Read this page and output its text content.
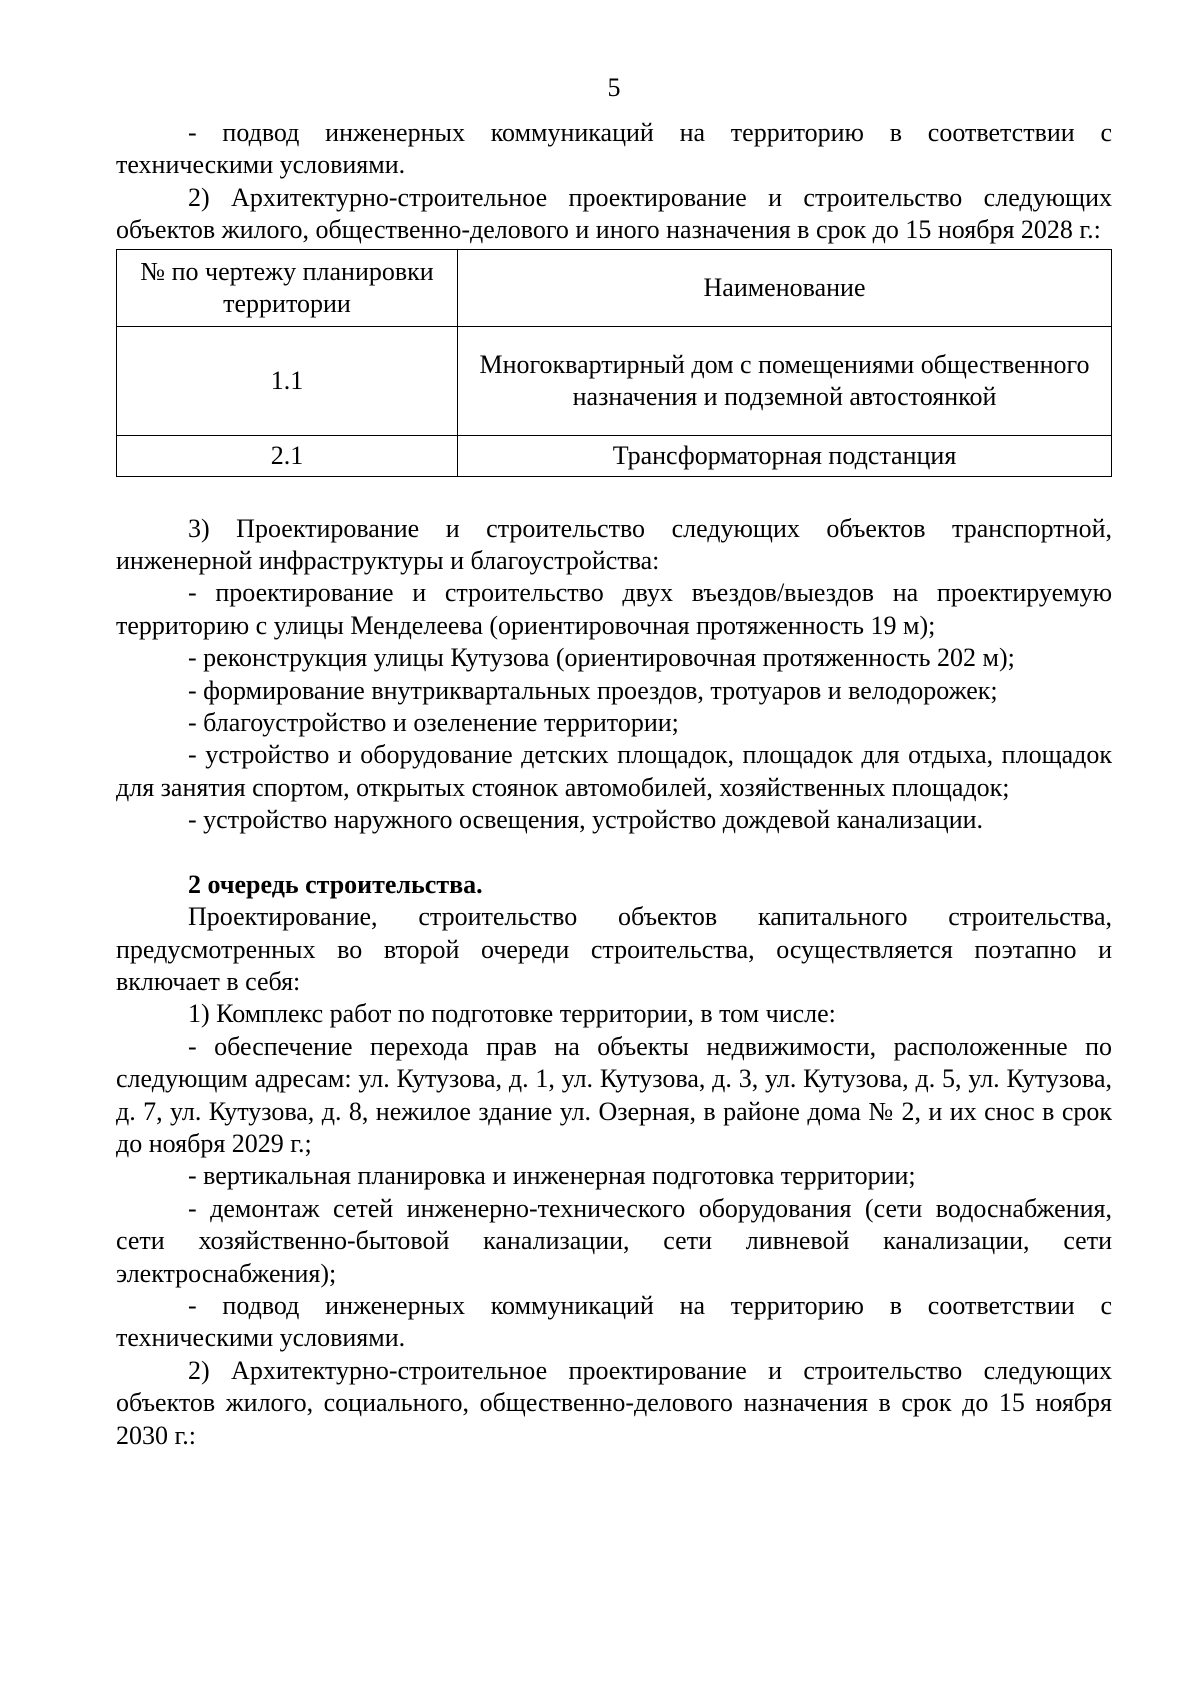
5

- подвод инженерных коммуникаций на территорию в соответствии с техническими условиями.

2) Архитектурно-строительное проектирование и строительство следующих объектов жилого, общественно-делового и иного назначения в срок до 15 ноября 2028 г.:

№ по чертежу планировки территории	Наименование
1.1	Многоквартирный дом с помещениями общественного назначения и подземной автостоянкой
2.1	Трансформаторная подстанция

3) Проектирование и строительство следующих объектов транспортной, инженерной инфраструктуры и благоустройства:

- проектирование и строительство двух въездов/выездов на проектируемую территорию с улицы Менделеева (ориентировочная протяженность 19 м);

- реконструкция улицы Кутузова (ориентировочная протяженность 202 м);

- формирование внутриквартальных проездов, тротуаров и велодорожек;

- благоустройство и озеленение территории;

- устройство и оборудование детских площадок, площадок для отдыха, площадок для занятия спортом, открытых стоянок автомобилей, хозяйственных площадок;

- устройство наружного освещения, устройство дождевой канализации.

2 очередь строительства.

Проектирование, строительство объектов капитального строительства, предусмотренных во второй очереди строительства, осуществляется поэтапно и включает в себя:

1) Комплекс работ по подготовке территории, в том числе:

- обеспечение перехода прав на объекты недвижимости, расположенные по следующим адресам: ул. Кутузова, д. 1, ул. Кутузова, д. 3, ул. Кутузова, д. 5, ул. Кутузова, д. 7, ул. Кутузова, д. 8, нежилое здание ул. Озерная, в районе дома № 2, и их снос в срок до ноября 2029 г.;

- вертикальная планировка и инженерная подготовка территории;

- демонтаж сетей инженерно-технического оборудования (сети водоснабжения, сети хозяйственно-бытовой канализации, сети ливневой канализации, сети электроснабжения);

- подвод инженерных коммуникаций на территорию в соответствии с техническими условиями.

2) Архитектурно-строительное проектирование и строительство следующих объектов жилого, социального, общественно-делового назначения в срок до 15 ноября 2030 г.:
